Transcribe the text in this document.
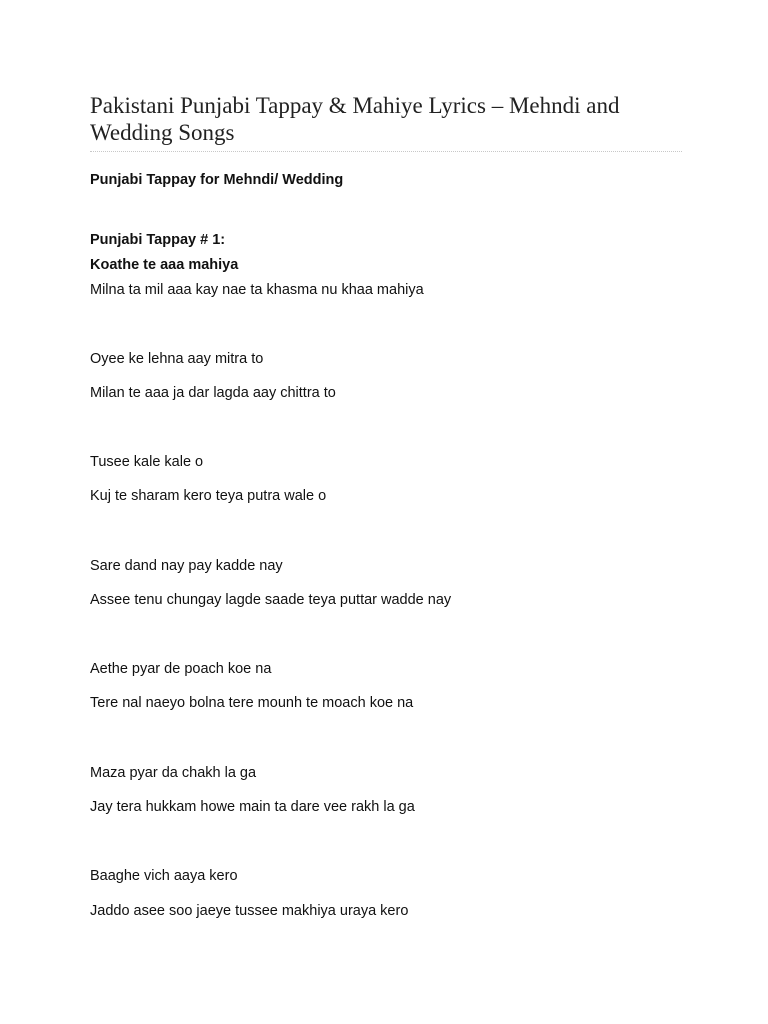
Pakistani Punjabi Tappay & Mahiye Lyrics – Mehndi and Wedding Songs

Punjabi Tappay for Mehndi/ Wedding

Punjabi Tappay # 1:

Koathe te aaa mahiya

Milna ta mil aaa kay nae ta khasma nu khaa mahiya

Oyee ke lehna aay mitra to

Milan te aaa ja dar lagda aay chittra to

Tusee kale kale o

Kuj te sharam kero teya putra wale o

Sare dand nay pay kadde nay

Assee tenu chungay lagde saade teya puttar wadde nay

Aethe pyar de poach koe na

Tere nal naeyo bolna tere mounh te moach koe na

Maza pyar da chakh la ga

Jay tera hukkam howe main ta dare vee rakh la ga

Baaghe vich aaya kero

Jaddo asee soo jaeye tussee makhiya uraya kero
